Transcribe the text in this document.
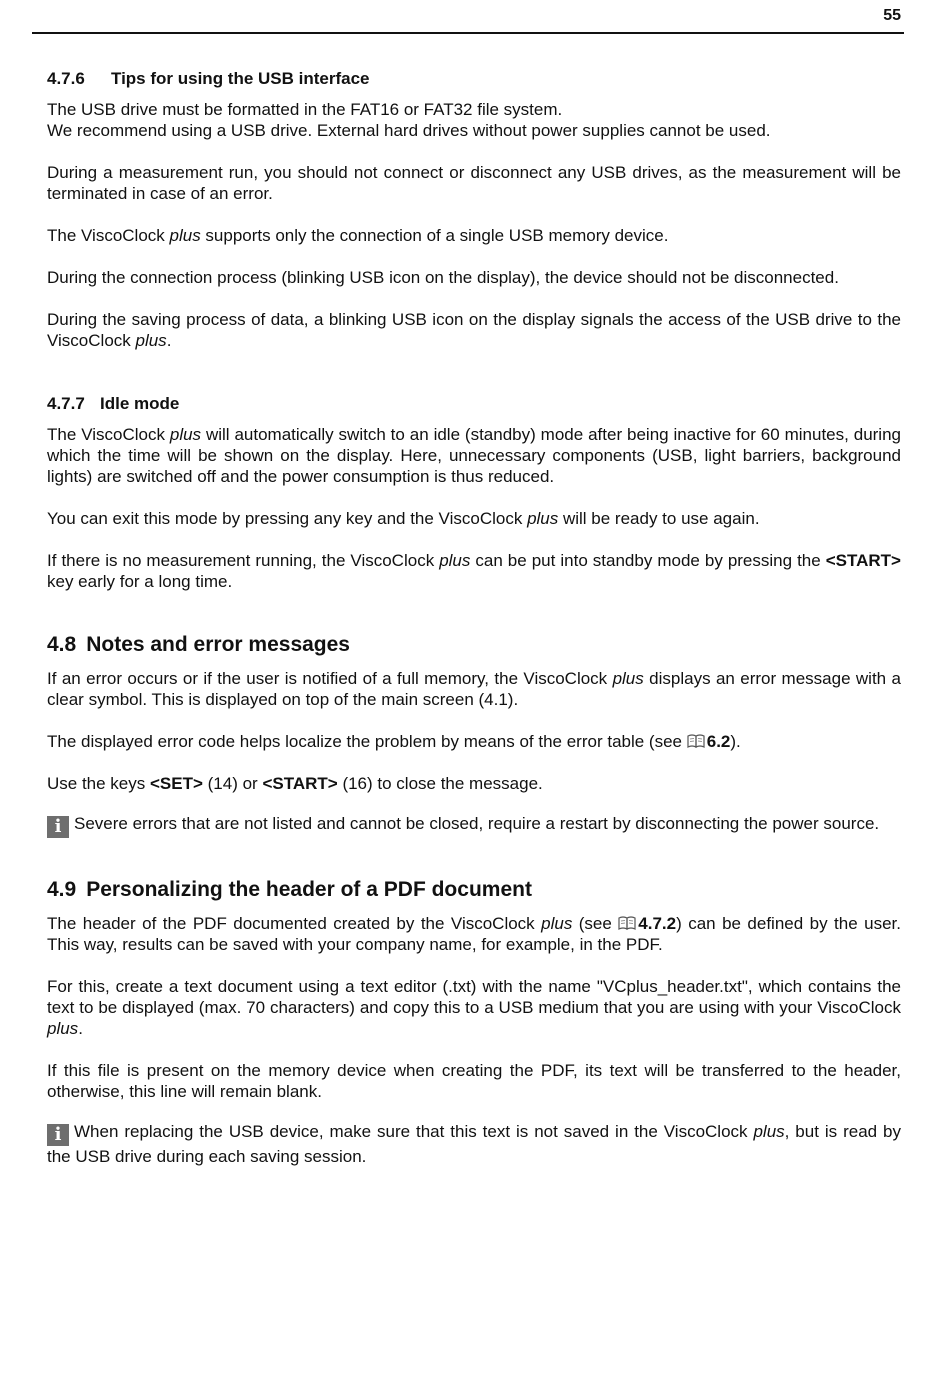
55
4.7.6 Tips for using the USB interface

The USB drive must be formatted in the FAT16 or FAT32 file system.
We recommend using a USB drive. External hard drives without power supplies cannot be used.

During a measurement run, you should not connect or disconnect any USB drives, as the measurement will be terminated in case of an error.

The ViscoClock plus supports only the connection of a single USB memory device.

During the connection process (blinking USB icon on the display), the device should not be disconnected.

During the saving process of data, a blinking USB icon on the display signals the access of the USB drive to the ViscoClock plus.

4.7.7 Idle mode

The ViscoClock plus will automatically switch to an idle (standby) mode after being inactive for 60 minutes, during which the time will be shown on the display. Here, unnecessary components (USB, light barriers, background lights) are switched off and the power consumption is thus reduced.

You can exit this mode by pressing any key and the ViscoClock plus will be ready to use again.

If there is no measurement running, the ViscoClock plus can be put into standby mode by pressing the <START> key early for a long time.

4.8 Notes and error messages

If an error occurs or if the user is notified of a full memory, the ViscoClock plus displays an error message with a clear symbol. This is displayed on top of the main screen (4.1).

The displayed error code helps localize the problem by means of the error table (see
6.2).

Use the keys <SET> (14) or <START> (16) to close the message.

i Severe errors that are not listed and cannot be closed, require a restart by disconnecting the power source.

4.9 Personalizing the header of a PDF document

The header of the PDF documented created by the ViscoClock plus (see
4.7.2) can be defined by the user. This way, results can be saved with your company name, for example, in the PDF.

For this, create a text document using a text editor (.txt) with the name "VCplus_header.txt", which contains the text to be displayed (max. 70 characters) and copy this to a USB medium that you are using with your ViscoClock plus.

If this file is present on the memory device when creating the PDF, its text will be transferred to the header, otherwise, this line will remain blank.

i When replacing the USB device, make sure that this text is not saved in the ViscoClock plus, but is read by the USB drive during each saving session.
